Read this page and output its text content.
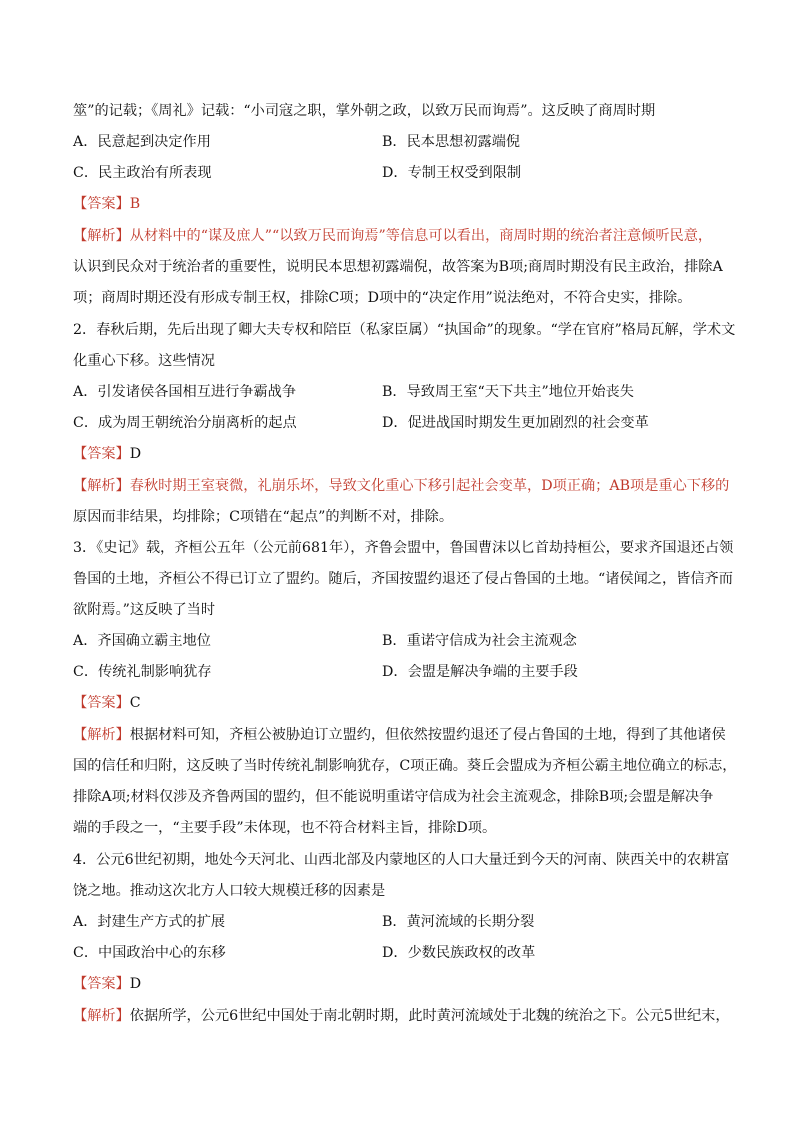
筮”的记载；《周礼》记载：“小司寇之职，掌外朝之政，以致万民而询焉”。这反映了商周时期
A．民意起到决定作用	B．民本思想初露端倪
C．民主政治有所表现	D．专制王权受到限制
【答案】B
【解析】从材料中的“谋及庶人”“以致万民而询焉”等信息可以看出，商周时期的统治者注意倾听民意，
认识到民众对于统治者的重要性，说明民本思想初露端倪，故答案为B项;商周时期没有民主政治，排除A
项；商周时期还没有形成专制王权，排除C项；D项中的“决定作用”说法绝对，不符合史实，排除。
2．春秋后期，先后出现了卿大夫专权和陪臣（私家臣属）“执国命”的现象。“学在官府”格局瓦解，学术文
化重心下移。这些情况
A．引发诸侯各国相互进行争霸战争	B．导致周王室“天下共主”地位开始丧失
C．成为周王朝统治分崩离析的起点	D．促进战国时期发生更加剧烈的社会变革
【答案】D
【解析】春秋时期王室衰微，礼崩乐坏，导致文化重心下移引起社会变革，D项正确；AB项是重心下移的
原因而非结果，均排除；C项错在“起点”的判断不对，排除。
3．《史记》载，齐桓公五年（公元前681年），齐鲁会盟中，鲁国曹沫以匕首劫持桓公，要求齐国退还占领
鲁国的土地，齐桓公不得已订立了盟约。随后，齐国按盟约退还了侵占鲁国的土地。“诸侯闻之，皆信齐而
欲附焉。”这反映了当时
A．齐国确立霸主地位	B．重诺守信成为社会主流观念
C．传统礼制影响犹存	D．会盟是解决争端的主要手段
【答案】C
【解析】根据材料可知，齐桓公被胁迫订立盟约，但依然按盟约退还了侵占鲁国的土地，得到了其他诸侯
国的信任和归附，这反映了当时传统礼制影响犹存，C项正确。葵丘会盟成为齐桓公霸主地位确立的标志，
排除A项;材料仅涉及齐鲁两国的盟约，但不能说明重诺守信成为社会主流观念，排除B项;会盟是解决争
端的手段之一，“主要手段”未体现，也不符合材料主旨，排除D项。
4．公元6世纪初期，地处今天河北、山西北部及内蒙地区的人口大量迁到今天的河南、陕西关中的农耕富
饶之地。推动这次北方人口较大规模迁移的因素是
A．封建生产方式的扩展	B．黄河流域的长期分裂
C．中国政治中心的东移	D．少数民族政权的改革
【答案】D
【解析】依据所学，公元6世纪中国处于南北朝时期，此时黄河流域处于北魏的统治之下。公元5世纪末，
